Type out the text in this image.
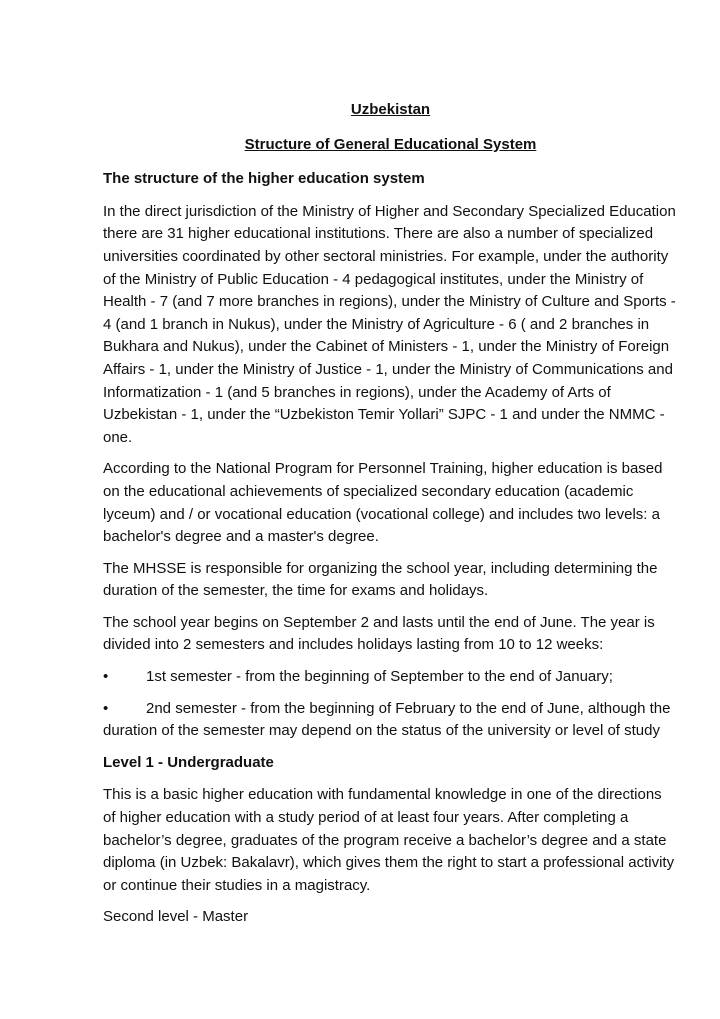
Uzbekistan
Structure of General Educational System
The structure of the higher education system

In the direct jurisdiction of the Ministry of Higher and Secondary Specialized Education there are 31 higher educational institutions. There are also a number of specialized universities coordinated by other sectoral ministries. For example, under the authority of the Ministry of Public Education - 4 pedagogical institutes, under the Ministry of Health - 7 (and 7 more branches in regions), under the Ministry of Culture and Sports - 4 (and 1 branch in Nukus), under the Ministry of Agriculture - 6 ( and 2 branches in Bukhara and Nukus), under the Cabinet of Ministers - 1, under the Ministry of Foreign Affairs - 1, under the Ministry of Justice - 1, under the Ministry of Communications and Informatization - 1 (and 5 branches in regions), under the Academy of Arts of Uzbekistan - 1, under the “Uzbekiston Temir Yollari” SJPC - 1 and under the NMMC - one.

According to the National Program for Personnel Training, higher education is based on the educational achievements of specialized secondary education (academic lyceum) and / or vocational education (vocational college) and includes two levels: a bachelor's degree and a master's degree.

The MHSSE is responsible for organizing the school year, including determining the duration of the semester, the time for exams and holidays.

The school year begins on September 2 and lasts until the end of June. The year is divided into 2 semesters and includes holidays lasting from 10 to 12 weeks:

•	1st semester - from the beginning of September to the end of January;
•	2nd semester - from the beginning of February to the end of June, although the duration of the semester may depend on the status of the university or level of study
Level 1 - Undergraduate

This is a basic higher education with fundamental knowledge in one of the directions of higher education with a study period of at least four years. After completing a bachelor’s degree, graduates of the program receive a bachelor’s degree and a state diploma (in Uzbek: Bakalavr), which gives them the right to start a professional activity or continue their studies in a magistracy.

Second level - Master
